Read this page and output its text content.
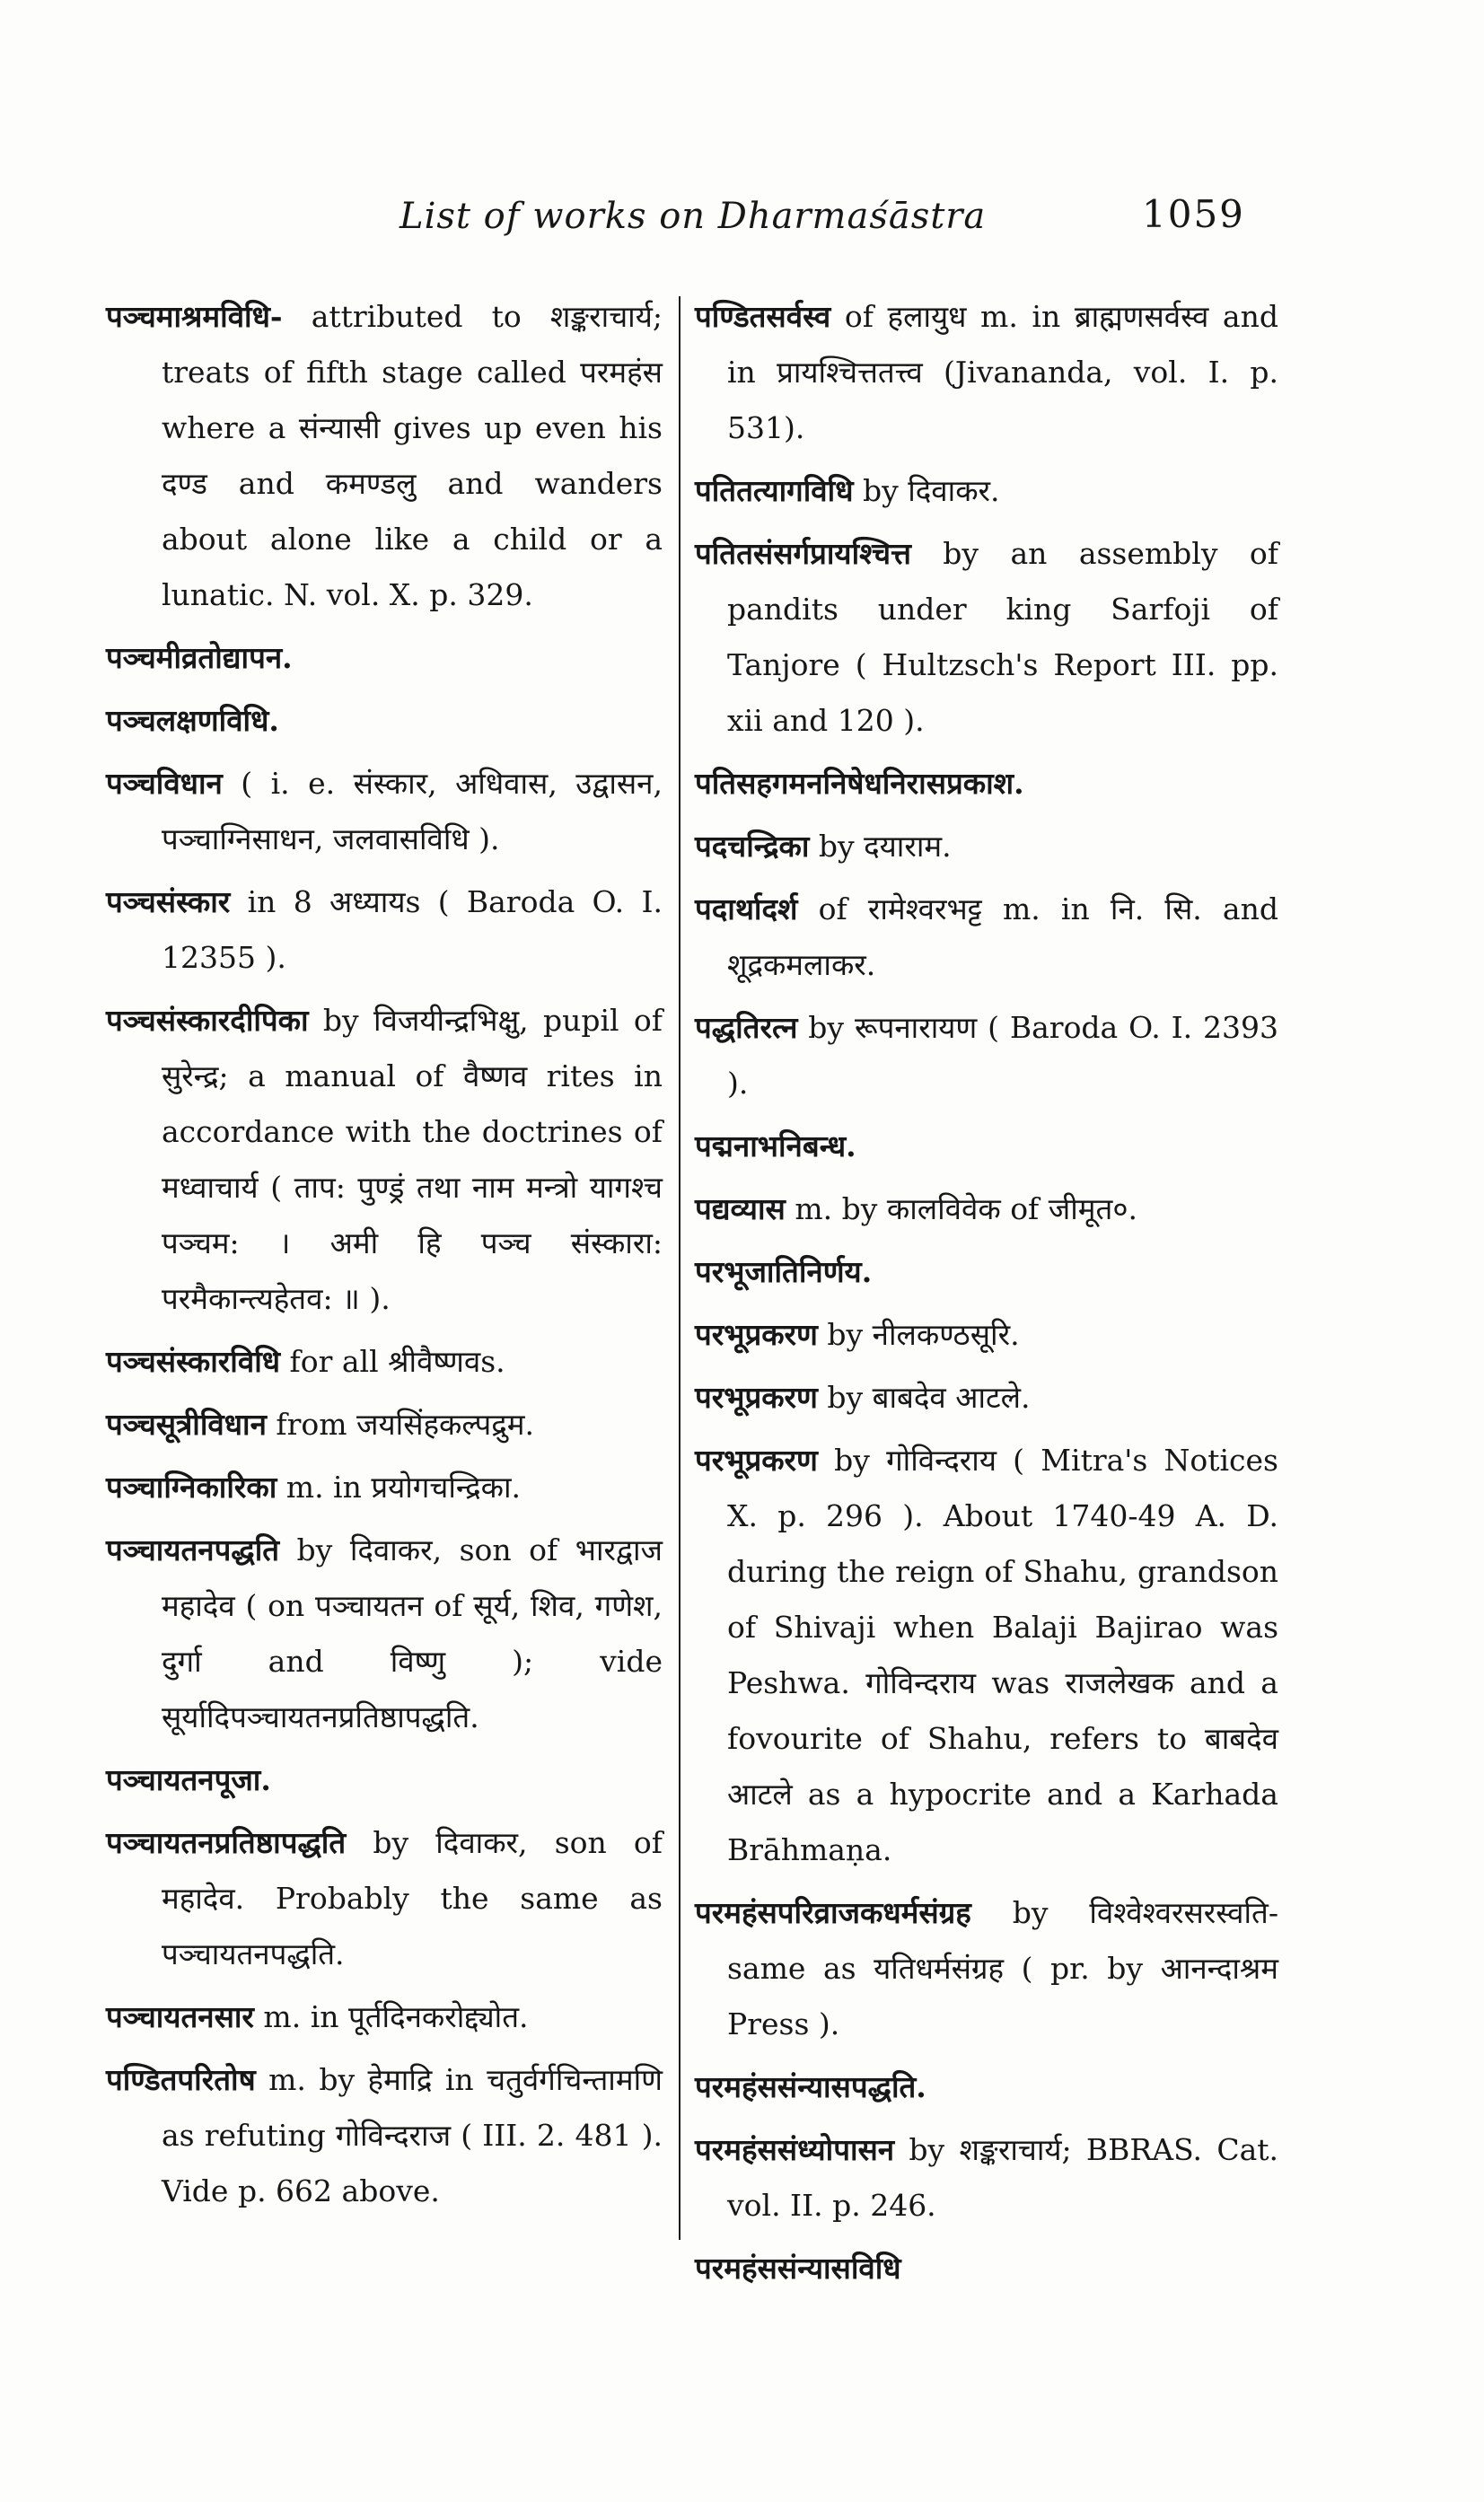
List of works on Dharmaśāstra	1059

पञ्चमाश्रमविधि- attributed to शङ्कराचार्य; treats of fifth stage called परमहंस where a संन्यासी gives up even his दण्ड and कमण्डलु and wanders about alone like a child or a lunatic. N. vol. X. p. 329.

पञ्चमीव्रतोद्यापन.

पञ्चलक्षणविधि.

पञ्चविधान ( i. e. संस्कार, अधिवास, उद्वासन, पञ्चाग्निसाधन, जलवासविधि ).

पञ्चसंस्कार in 8 अध्यायs ( Baroda O. I. 12355 ).

पञ्चसंस्कारदीपिका by विजयीन्द्रभिक्षु, pupil of सुरेन्द्र; a manual of वैष्णव rites in accordance with the doctrines of मध्वाचार्य ( ताप: पुण्ड्रं तथा नाम मन्त्रो यागश्च पञ्चम: । अमी हि पञ्च संस्कारा: परमैकान्त्यहेतव: ॥ ).

पञ्चसंस्कारविधि for all श्रीवैष्णवs.

पञ्चसूत्रीविधान from जयसिंहकल्पद्रुम.

पञ्चाग्निकारिका m. in प्रयोगचन्द्रिका.

पञ्चायतनपद्धति by दिवाकर, son of भारद्वाज महादेव ( on पञ्चायतन of सूर्य, शिव, गणेश, दुर्गा and विष्णु ); vide सूर्यादिपञ्चायतनप्रतिष्ठापद्धति.

पञ्चायतनपूजा.

पञ्चायतनप्रतिष्ठापद्धति by दिवाकर, son of महादेव. Probably the same as पञ्चायतनपद्धति.

पञ्चायतनसार m. in पूर्तदिनकरोद्द्योत.

पण्डितपरितोष m. by हेमाद्रि in चतुर्वर्गचिन्तामणि as refuting गोविन्दराज ( III. 2. 481 ). Vide p. 662 above.

पण्डितसर्वस्व of हलायुध m. in ब्राह्मणसर्वस्व and in प्रायश्चित्ततत्त्व (Jivananda, vol. I. p. 531).

पतितत्यागविधि by दिवाकर.

पतितसंसर्गप्रायश्चित्त by an assembly of pandits under king Sarfoji of Tanjore ( Hultzsch's Report III. pp. xii and 120 ).

पतिसहगमननिषेधनिरासप्रकाश.

पदचन्द्रिका by दयाराम.

पदार्थादर्श of रामेश्वरभट्ट m. in नि. सि. and शूद्रकमलाकर.

पद्धतिरत्न by रूपनारायण ( Baroda O. I. 2393 ).

पद्मनाभनिबन्ध.

पद्यव्यास m. by कालविवेक of जीमूत०.

परभूजातिनिर्णय.

परभूप्रकरण by नीलकण्ठसूरि.

परभूप्रकरण by बाबदेव आटले.

परभूप्रकरण by गोविन्दराय ( Mitra's Notices X. p. 296 ). About 1740-49 A. D. during the reign of Shahu, grandson of Shivaji when Balaji Bajirao was Peshwa. गोविन्दराय was राजलेखक and a fovourite of Shahu, refers to बाबदेव आटले as a hypocrite and a Karhada Brāhmaṇa.

परमहंसपरिव्राजकधर्मसंग्रह by विश्वेश्वरसरस्वति-same as यतिधर्मसंग्रह ( pr. by आनन्दाश्रम Press ).

परमहंससंन्यासपद्धति.

परमहंससंध्योपासन by शङ्कराचार्य; BBRAS. Cat. vol. II. p. 246.

परमहंससंन्यासविधि
